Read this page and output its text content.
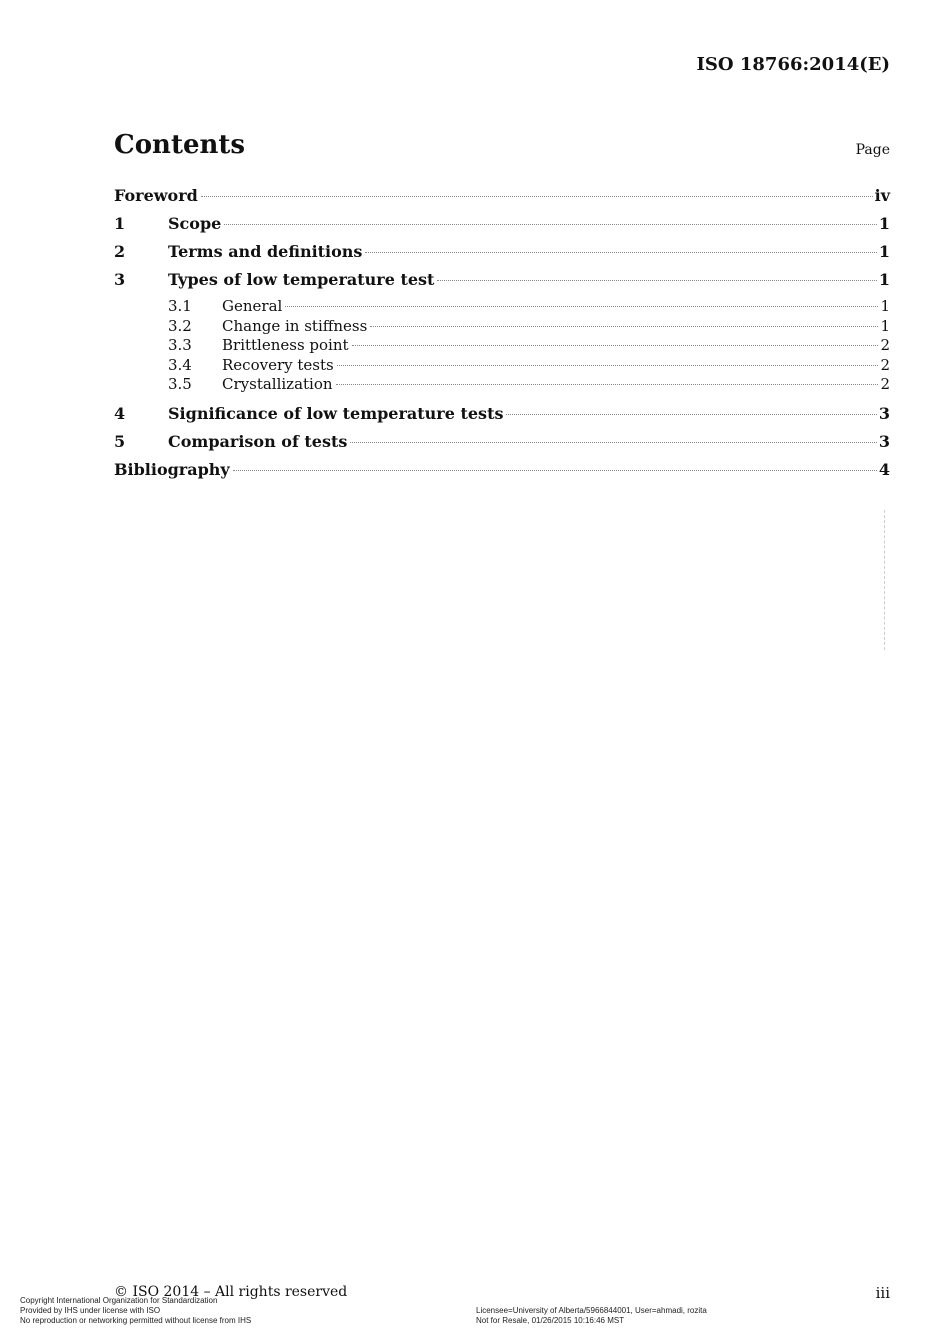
ISO 18766:2014(E)
Contents	Page
Foreword	iv
1	Scope	1
2	Terms and definitions	1
3	Types of low temperature test	1
3.1	General	1
3.2	Change in stiffness	1
3.3	Brittleness point	2
3.4	Recovery tests	2
3.5	Crystallization	2
4	Significance of low temperature tests	3
5	Comparison of tests	3
Bibliography	4
© ISO 2014 – All rights reserved	iii
Copyright International Organization for Standardization
Provided by IHS under license with ISO
No reproduction or networking permitted without license from IHS
Licensee=University of Alberta/5966844001, User=ahmadi, rozita
Not for Resale, 01/26/2015 10:16:46 MST
